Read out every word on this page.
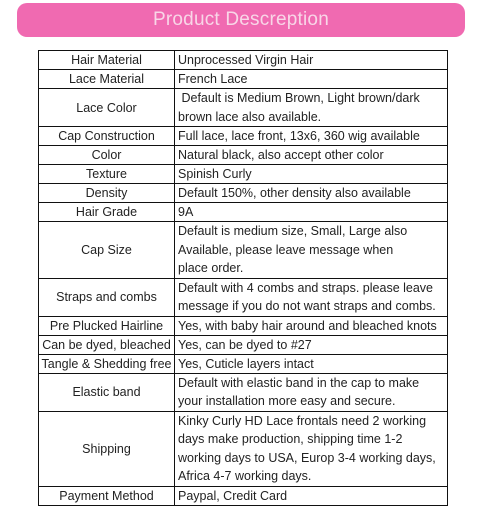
Product Descreption
Hair Material	Unprocessed Virgin Hair

Lace Material	French Lace

Lace Color	Default is Medium Brown, Light brown/dark
brown lace also available.

Cap Construction	Full lace, lace front, 13x6, 360 wig available

Color	Natural black, also accept other color

Texture	Spinish Curly

Density	Default 150%, other density also available

Hair Grade	9A

Cap Size	Default is medium size, Small, Large also
Available, please leave message when
place order.

Straps and combs	Default with 4 combs and straps. please leave
message if you do not want straps and combs.

Pre Plucked Hairline	Yes, with baby hair around and bleached knots

Can be dyed, bleached	Yes, can be dyed to #27

Tangle & Shedding free	Yes, Cuticle layers intact

Elastic band	Default with elastic band in the cap to make
your installation more easy and secure.

Shipping	Kinky Curly HD Lace frontals need 2 working
days make production, shipping time 1-2
working days to USA, Europ 3-4 working days,
Africa 4-7 working days.

Payment Method	Paypal, Credit Card
